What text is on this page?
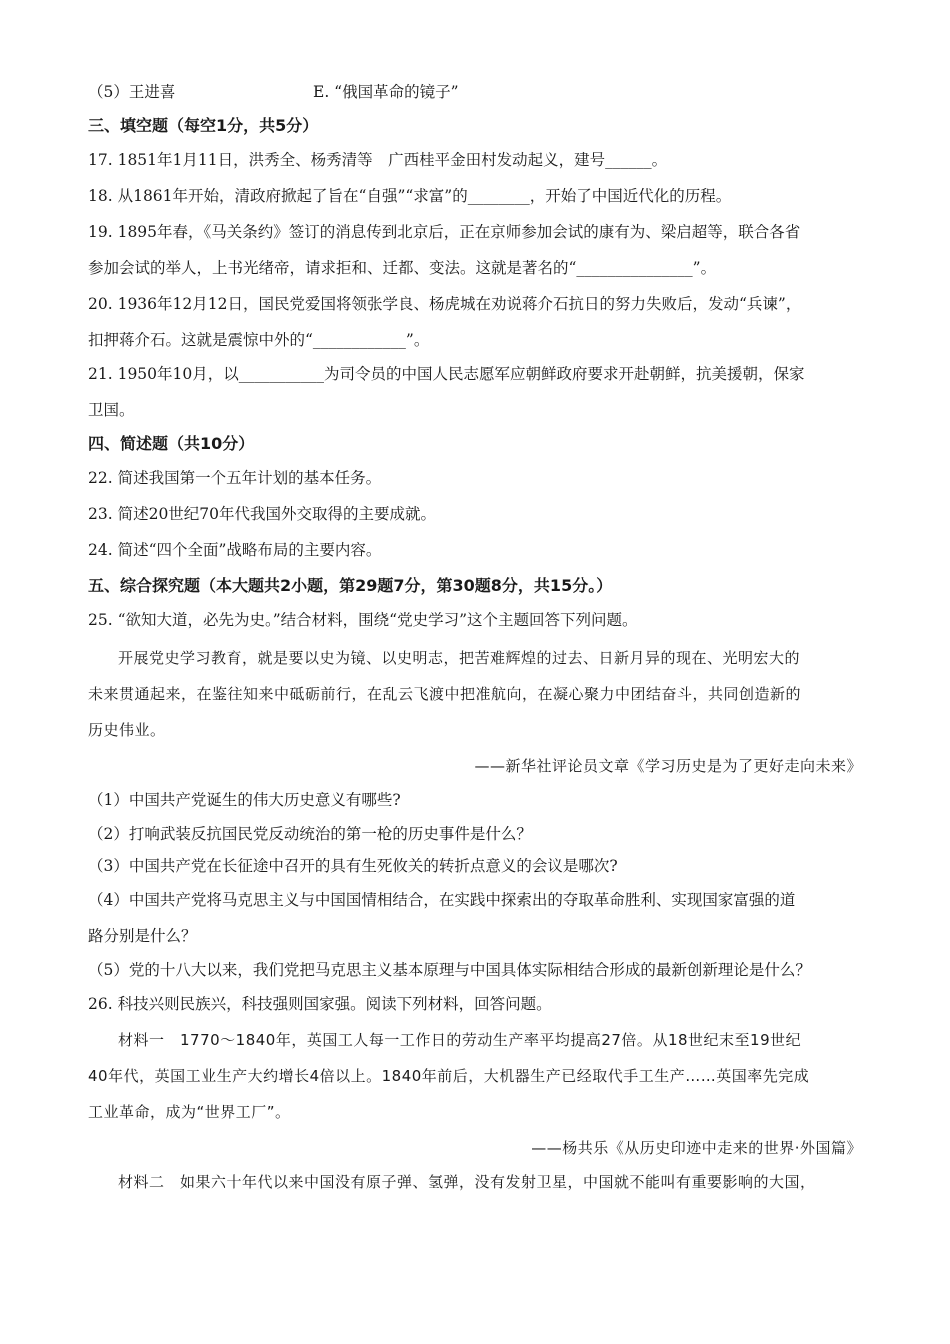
（5）王进喜	E. “俄国革命的镜子”
三、填空题（每空1分，共5分）
17. 1851年1月11日，洪秀全、杨秀清等　广西桂平金田村发动起义，建号______。
18. 从1861年开始，清政府掀起了旨在“自强”“求富”的________，开始了中国近代化的历程。
19. 1895年春，《马关条约》签订的消息传到北京后，正在京师参加会试的康有为、梁启超等，联合各省
参加会试的举人，上书光绪帝，请求拒和、迁都、变法。这就是著名的“_______________”。
20. 1936年12月12日，国民党爱国将领张学良、杨虎城在劝说蒋介石抗日的努力失败后，发动“兵谏”，
扣押蒋介石。这就是震惊中外的“____________”。
21. 1950年10月，以___________为司令员的中国人民志愿军应朝鲜政府要求开赴朝鲜，抗美援朝，保家
卫国。
四、简述题（共10分）
22. 简述我国第一个五年计划的基本任务。
23. 简述20世纪70年代我国外交取得的主要成就。
24. 简述“四个全面”战略布局的主要内容。
五、综合探究题（本大题共2小题，第29题7分，第30题8分，共15分。）
25. “欲知大道，必先为史。”结合材料，围绕“党史学习”这个主题回答下列问题。
开展党史学习教育，就是要以史为镜、以史明志，把苦难辉煌的过去、日新月异的现在、光明宏大的
未来贯通起来，在鉴往知来中砥砺前行，在乱云飞渡中把准航向，在凝心聚力中团结奋斗，共同创造新的
历史伟业。
——新华社评论员文章《学习历史是为了更好走向未来》
（1）中国共产党诞生的伟大历史意义有哪些?
（2）打响武装反抗国民党反动统治的第一枪的历史事件是什么？
（3）中国共产党在长征途中召开的具有生死攸关的转折点意义的会议是哪次?
（4）中国共产党将马克思主义与中国国情相结合，在实践中探索出的夺取革命胜利、实现国家富强的道
路分别是什么？
（5）党的十八大以来，我们党把马克思主义基本原理与中国具体实际相结合形成的最新创新理论是什么？
26. 科技兴则民族兴，科技强则国家强。阅读下列材料，回答问题。
材料一　1770～1840年，英国工人每一工作日的劳动生产率平均提高27倍。从18世纪末至19世纪
40年代，英国工业生产大约增长4倍以上。1840年前后，大机器生产已经取代手工生产……英国率先完成
工业革命，成为“世界工厂”。
——杨共乐《从历史印迹中走来的世界·外国篇》
材料二　如果六十年代以来中国没有原子弹、氢弹，没有发射卫星，中国就不能叫有重要影响的大国，
